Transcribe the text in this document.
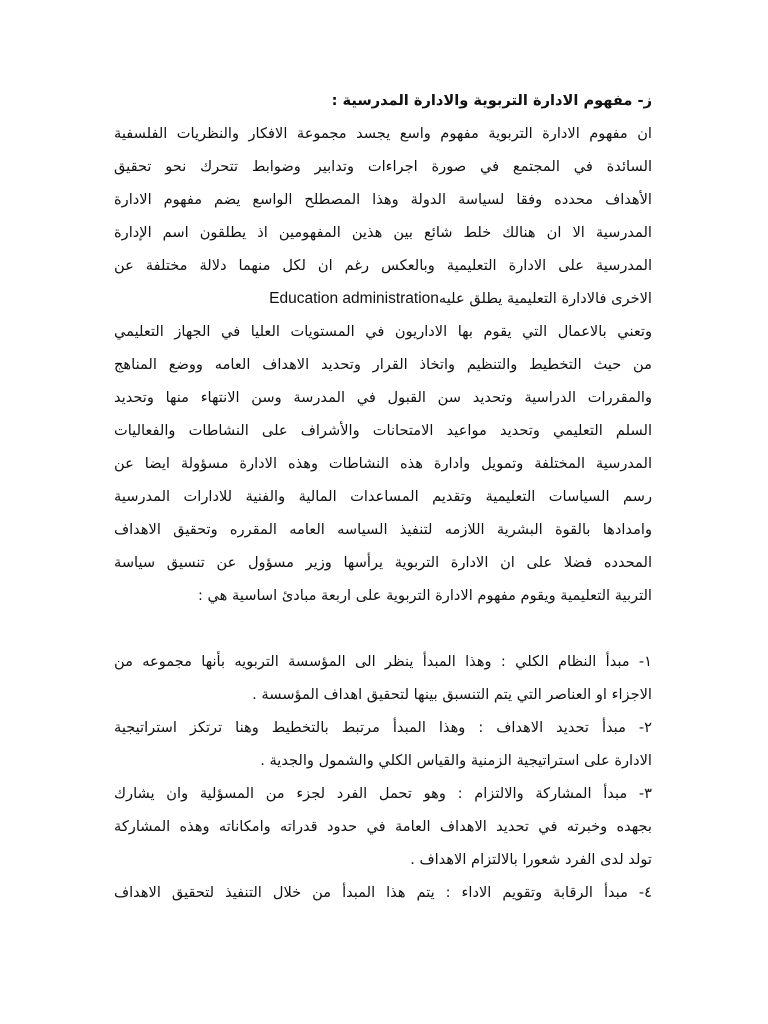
ز- مفهوم الادارة التربوية والادارة المدرسية :
ان مفهوم الادارة التربوية مفهوم واسع يجسد مجموعة الافكار والنظريات الفلسفية
السائدة في المجتمع في صورة اجراءات وتدابير وضوابط تتحرك نحو تحقيق
الأهداف محدده وفقا لسياسة الدولة وهذا المصطلح الواسع يضم مفهوم الادارة
المدرسية الا ان هنالك خلط شائع بين هذين المفهومين اذ يطلقون اسم الإدارة
المدرسية على الادارة التعليمية وبالعكس رغم ان لكل منهما دلالة مختلفة عن
الاخرى فالادارة التعليمية يطلق عليهEducation administration
وتعني بالاعمال التي يقوم بها الاداريون في المستويات العليا في الجهاز التعليمي
من حيث التخطيط والتنظيم واتخاذ القرار وتحديد الاهداف العامه ووضع المناهج
والمقررات الدراسية وتحديد سن القبول في المدرسة وسن الانتهاء منها وتحديد
السلم التعليمي وتحديد مواعيد الامتحانات والأشراف على النشاطات والفعاليات
المدرسية المختلفة وتمويل وادارة هذه النشاطات وهذه الادارة مسؤولة ايضا عن
رسم السياسات التعليمية وتقديم المساعدات المالية والفنية للادارات المدرسية
وامدادها بالقوة البشرية اللازمه لتنفيذ السياسه العامه المقرره وتحقيق الاهداف
المحدده فضلا على ان الادارة التربوية يرأسها وزير مسؤول عن تنسيق سياسة
التربية التعليمية ويقوم مفهوم الادارة التربوية على اربعة مبادئ اساسية هي :
١- مبدأ النظام الكلي : وهذا المبدأ ينظر الى المؤسسة التربويه بأنها مجموعه من
الاجزاء او العناصر التي يتم التنسبق بينها لتحقيق اهداف المؤسسة .
٢- مبدأ تحديد الاهداف : وهذا المبدأ مرتبط بالتخطيط وهنا ترتكز استراتيجية
الادارة على استراتيجية الزمنية والقياس الكلي والشمول والجدية .
٣- مبدأ المشاركة والالتزام : وهو تحمل الفرد لجزء من المسؤلية وان يشارك
بجهده وخبرته في تحديد الاهداف العامة في حدود قدراته وامكاناته وهذه المشاركة
تولد لدى الفرد شعورا بالالتزام الاهداف .
٤- مبدأ الرقابة وتقويم الاداء : يتم هذا المبدأ من خلال التنفيذ لتحقيق الاهداف
